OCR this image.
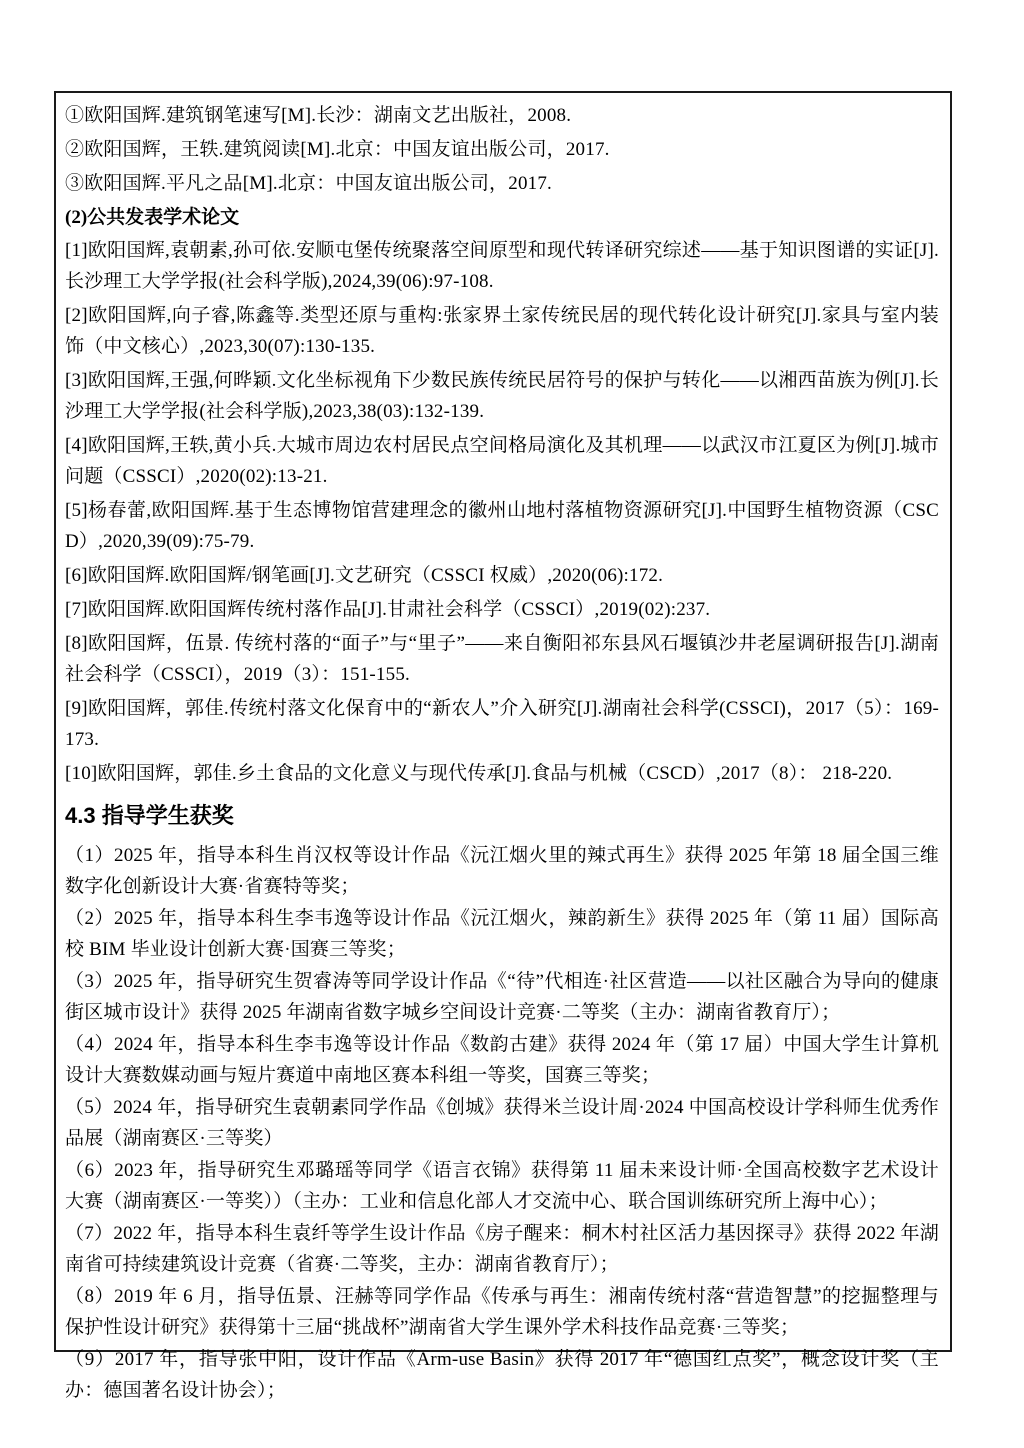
①欧阳国辉.建筑钢笔速写[M].长沙：湖南文艺出版社，2008.

②欧阳国辉，王轶.建筑阅读[M].北京：中国友谊出版公司，2017.

③欧阳国辉.平凡之品[M].北京：中国友谊出版公司，2017.

(2)公共发表学术论文

[1]欧阳国辉,袁朝素,孙可依.安顺屯堡传统聚落空间原型和现代转译研究综述——基于知识图谱的实证[J].长沙理工大学学报(社会科学版),2024,39(06):97-108.

[2]欧阳国辉,向子睿,陈鑫等.类型还原与重构:张家界土家传统民居的现代转化设计研究[J].家具与室内装饰（中文核心）,2023,30(07):130-135.

[3]欧阳国辉,王强,何晔颖.文化坐标视角下少数民族传统民居符号的保护与转化——以湘西苗族为例[J].长沙理工大学学报(社会科学版),2023,38(03):132-139.

[4]欧阳国辉,王轶,黄小兵.大城市周边农村居民点空间格局演化及其机理——以武汉市江夏区为例[J].城市问题（CSSCI）,2020(02):13-21.

[5]杨春蕾,欧阳国辉.基于生态博物馆营建理念的徽州山地村落植物资源研究[J].中国野生植物资源（CSCD）,2020,39(09):75-79.

[6]欧阳国辉.欧阳国辉/钢笔画[J].文艺研究（CSSCI 权威）,2020(06):172.

[7]欧阳国辉.欧阳国辉传统村落作品[J].甘肃社会科学（CSSCI）,2019(02):237.

[8]欧阳国辉，伍景. 传统村落的“面子”与“里子”——来自衡阳祁东县风石堰镇沙井老屋调研报告[J].湖南社会科学（CSSCI），2019（3）：151-155.

[9]欧阳国辉，郭佳.传统村落文化保育中的“新农人”介入研究[J].湖南社会科学(CSSCI)，2017（5）：169-173.

[10]欧阳国辉，郭佳.乡土食品的文化意义与现代传承[J].食品与机械（CSCD）,2017（8）： 218-220.

4.3 指导学生获奖

（1）2025 年，指导本科生肖汉权等设计作品《沅江烟火里的辣式再生》获得 2025 年第 18 届全国三维数字化创新设计大赛·省赛特等奖；

（2）2025 年，指导本科生李韦逸等设计作品《沅江烟火，辣韵新生》获得 2025 年（第 11 届）国际高校 BIM 毕业设计创新大赛·国赛三等奖；

（3）2025 年，指导研究生贺睿涛等同学设计作品《“待”代相连·社区营造——以社区融合为导向的健康街区城市设计》获得 2025 年湖南省数字城乡空间设计竞赛·二等奖（主办：湖南省教育厅）；

（4）2024 年，指导本科生李韦逸等设计作品《数韵古建》获得 2024 年（第 17 届）中国大学生计算机设计大赛数媒动画与短片赛道中南地区赛本科组一等奖，国赛三等奖；

（5）2024 年，指导研究生袁朝素同学作品《创城》获得米兰设计周·2024 中国高校设计学科师生优秀作品展（湖南赛区·三等奖）

（6）2023 年，指导研究生邓璐瑶等同学《语言衣锦》获得第 11 届未来设计师·全国高校数字艺术设计大赛（湖南赛区·一等奖））（主办：工业和信息化部人才交流中心、联合国训练研究所上海中心）；

（7）2022 年，指导本科生袁纤等学生设计作品《房子醒来：桐木村社区活力基因探寻》获得 2022 年湖南省可持续建筑设计竞赛（省赛·二等奖，主办：湖南省教育厅）；

（8）2019 年 6 月，指导伍景、汪赫等同学作品《传承与再生：湘南传统村落“营造智慧”的挖掘整理与保护性设计研究》获得第十三届“挑战杯”湖南省大学生课外学术科技作品竞赛·三等奖；

（9）2017 年，指导张中阳，设计作品《Arm-use Basin》获得 2017 年“德国红点奖”，概念设计奖（主办：德国著名设计协会）；
